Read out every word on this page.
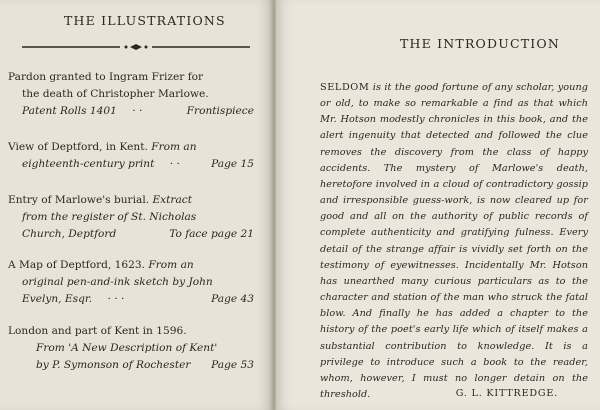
THE ILLUSTRATIONS
Pardon granted to Ingram Frizer for
the death of Christopher Marlowe.
Patent Rolls 1401 · ·	Frontispiece
View of Deptford, in Kent. From an
eighteenth-century print · ·	Page 15
Entry of Marlowe's burial. Extract
from the register of St. Nicholas
Church, Deptford	To face page 21
A Map of Deptford, 1623. From an
original pen-and-ink sketch by John
Evelyn, Esqr. · · ·	Page 43
London and part of Kent in 1596.
From 'A New Description of Kent'
by P. Symonson of Rochester Page 53
THE INTRODUCTION

SELDOM is it the good fortune of any scholar, young or old, to make so remarkable a find as that which Mr. Hotson modestly chronicles in this book, and the alert ingenuity that detected and followed the clue removes the discovery from the class of happy accidents. The mystery of Marlowe's death, heretofore involved in a cloud of contradictory gossip and irresponsible guess-work, is now cleared up for good and all on the authority of public records of complete authenticity and gratifying fulness. Every detail of the strange affair is vividly set forth on the testimony of eyewitnesses. Incidentally Mr. Hotson has unearthed many curious particulars as to the character and station of the man who struck the fatal blow. And finally he has added a chapter to the history of the poet's early life which of itself makes a substantial contribution to knowledge. It is a privilege to introduce such a book to the reader, whom, however, I must no longer detain on the threshold.	G. L. KITTREDGE.
